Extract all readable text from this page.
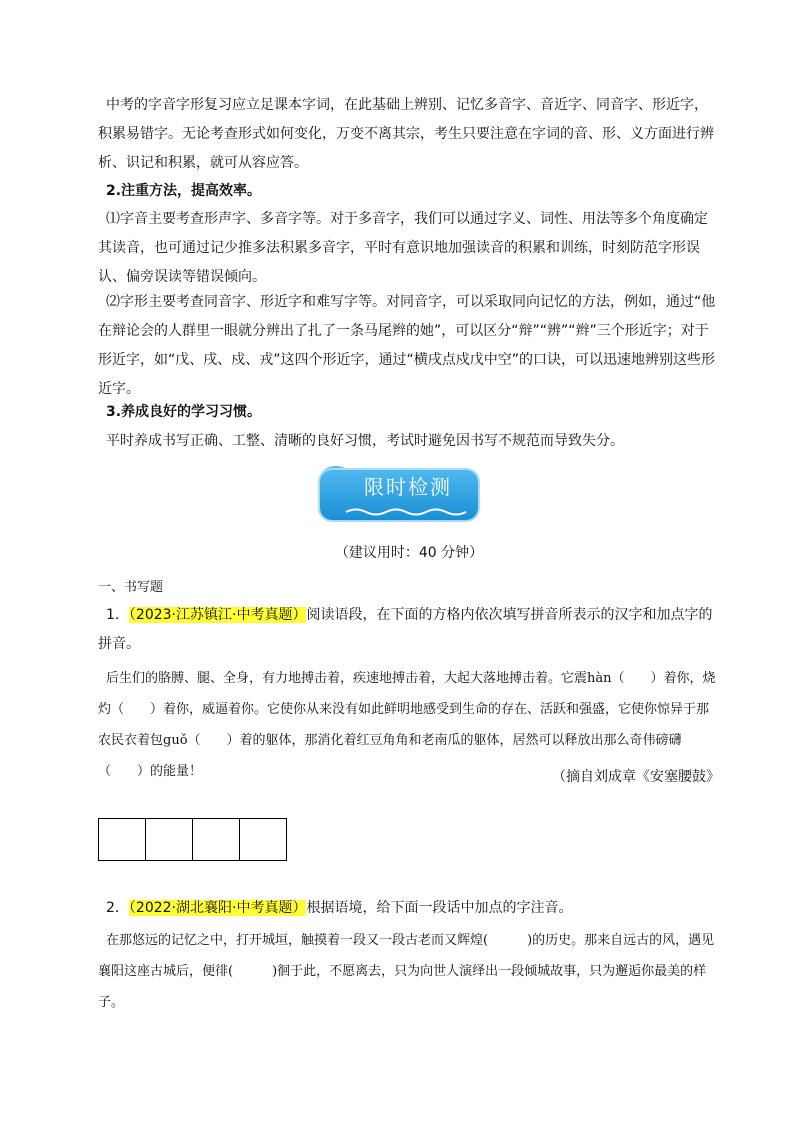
中考的字音字形复习应立足课本字词，在此基础上辨别、记忆多音字、音近字、同音字、形近字，积累易错字。无论考查形式如何变化，万变不离其宗，考生只要注意在字词的音、形、义方面进行辨析、识记和积累，就可从容应答。

2.注重方法，提高效率。

⑴字音主要考查形声字、多音字等。对于多音字，我们可以通过字义、词性、用法等多个角度确定其读音，也可通过记少推多法积累多音字，平时有意识地加强读音的积累和训练，时刻防范字形误认、偏旁误读等错误倾向。

⑵字形主要考查同音字、形近字和难写字等。对同音字，可以采取同向记忆的方法，例如，通过“他在辩论会的人群里一眼就分辨出了扎了一条马尾辫的她”，可以区分“辩”“辨”“辫”三个形近字；对于形近字，如“戊、戌、戍、戎”这四个形近字，通过“横戌点戍戊中空”的口诀，可以迅速地辨别这些形近字。

3.养成良好的学习习惯。

平时养成书写正确、工整、清晰的良好习惯，考试时避免因书写不规范而导致失分。

限时检测

（建议用时：40 分钟）

一、书写题

1．（2023·江苏镇江·中考真题）阅读语段，在下面的方格内依次填写拼音所表示的汉字和加点字的拼音。

后生们的胳膊、腿、全身，有力地搏击着，疾速地搏击着，大起大落地搏击着。它震hàn（　　）着你，烧灼（　　）着你，威逼着你。它使你从来没有如此鲜明地感受到生命的存在、活跃和强盛，它使你惊异于那农民衣着包guǒ（　　）着的躯体，那消化着红豆角角和老南瓜的躯体，居然可以释放出那么奇伟磅礴（　　）的能量！	（摘自刘成章《安塞腰鼓》

2．（2022·湖北襄阳·中考真题）根据语境，给下面一段话中加点的字注音。

在那悠远的记忆之中，打开城垣，触摸着一段又一段古老而又辉煌(　　　)的历史。那来自远古的风，遇见襄阳这座古城后，便徘(　　　)徊于此，不愿离去，只为向世人演绎出一段倾城故事，只为邂逅你最美的样子。
